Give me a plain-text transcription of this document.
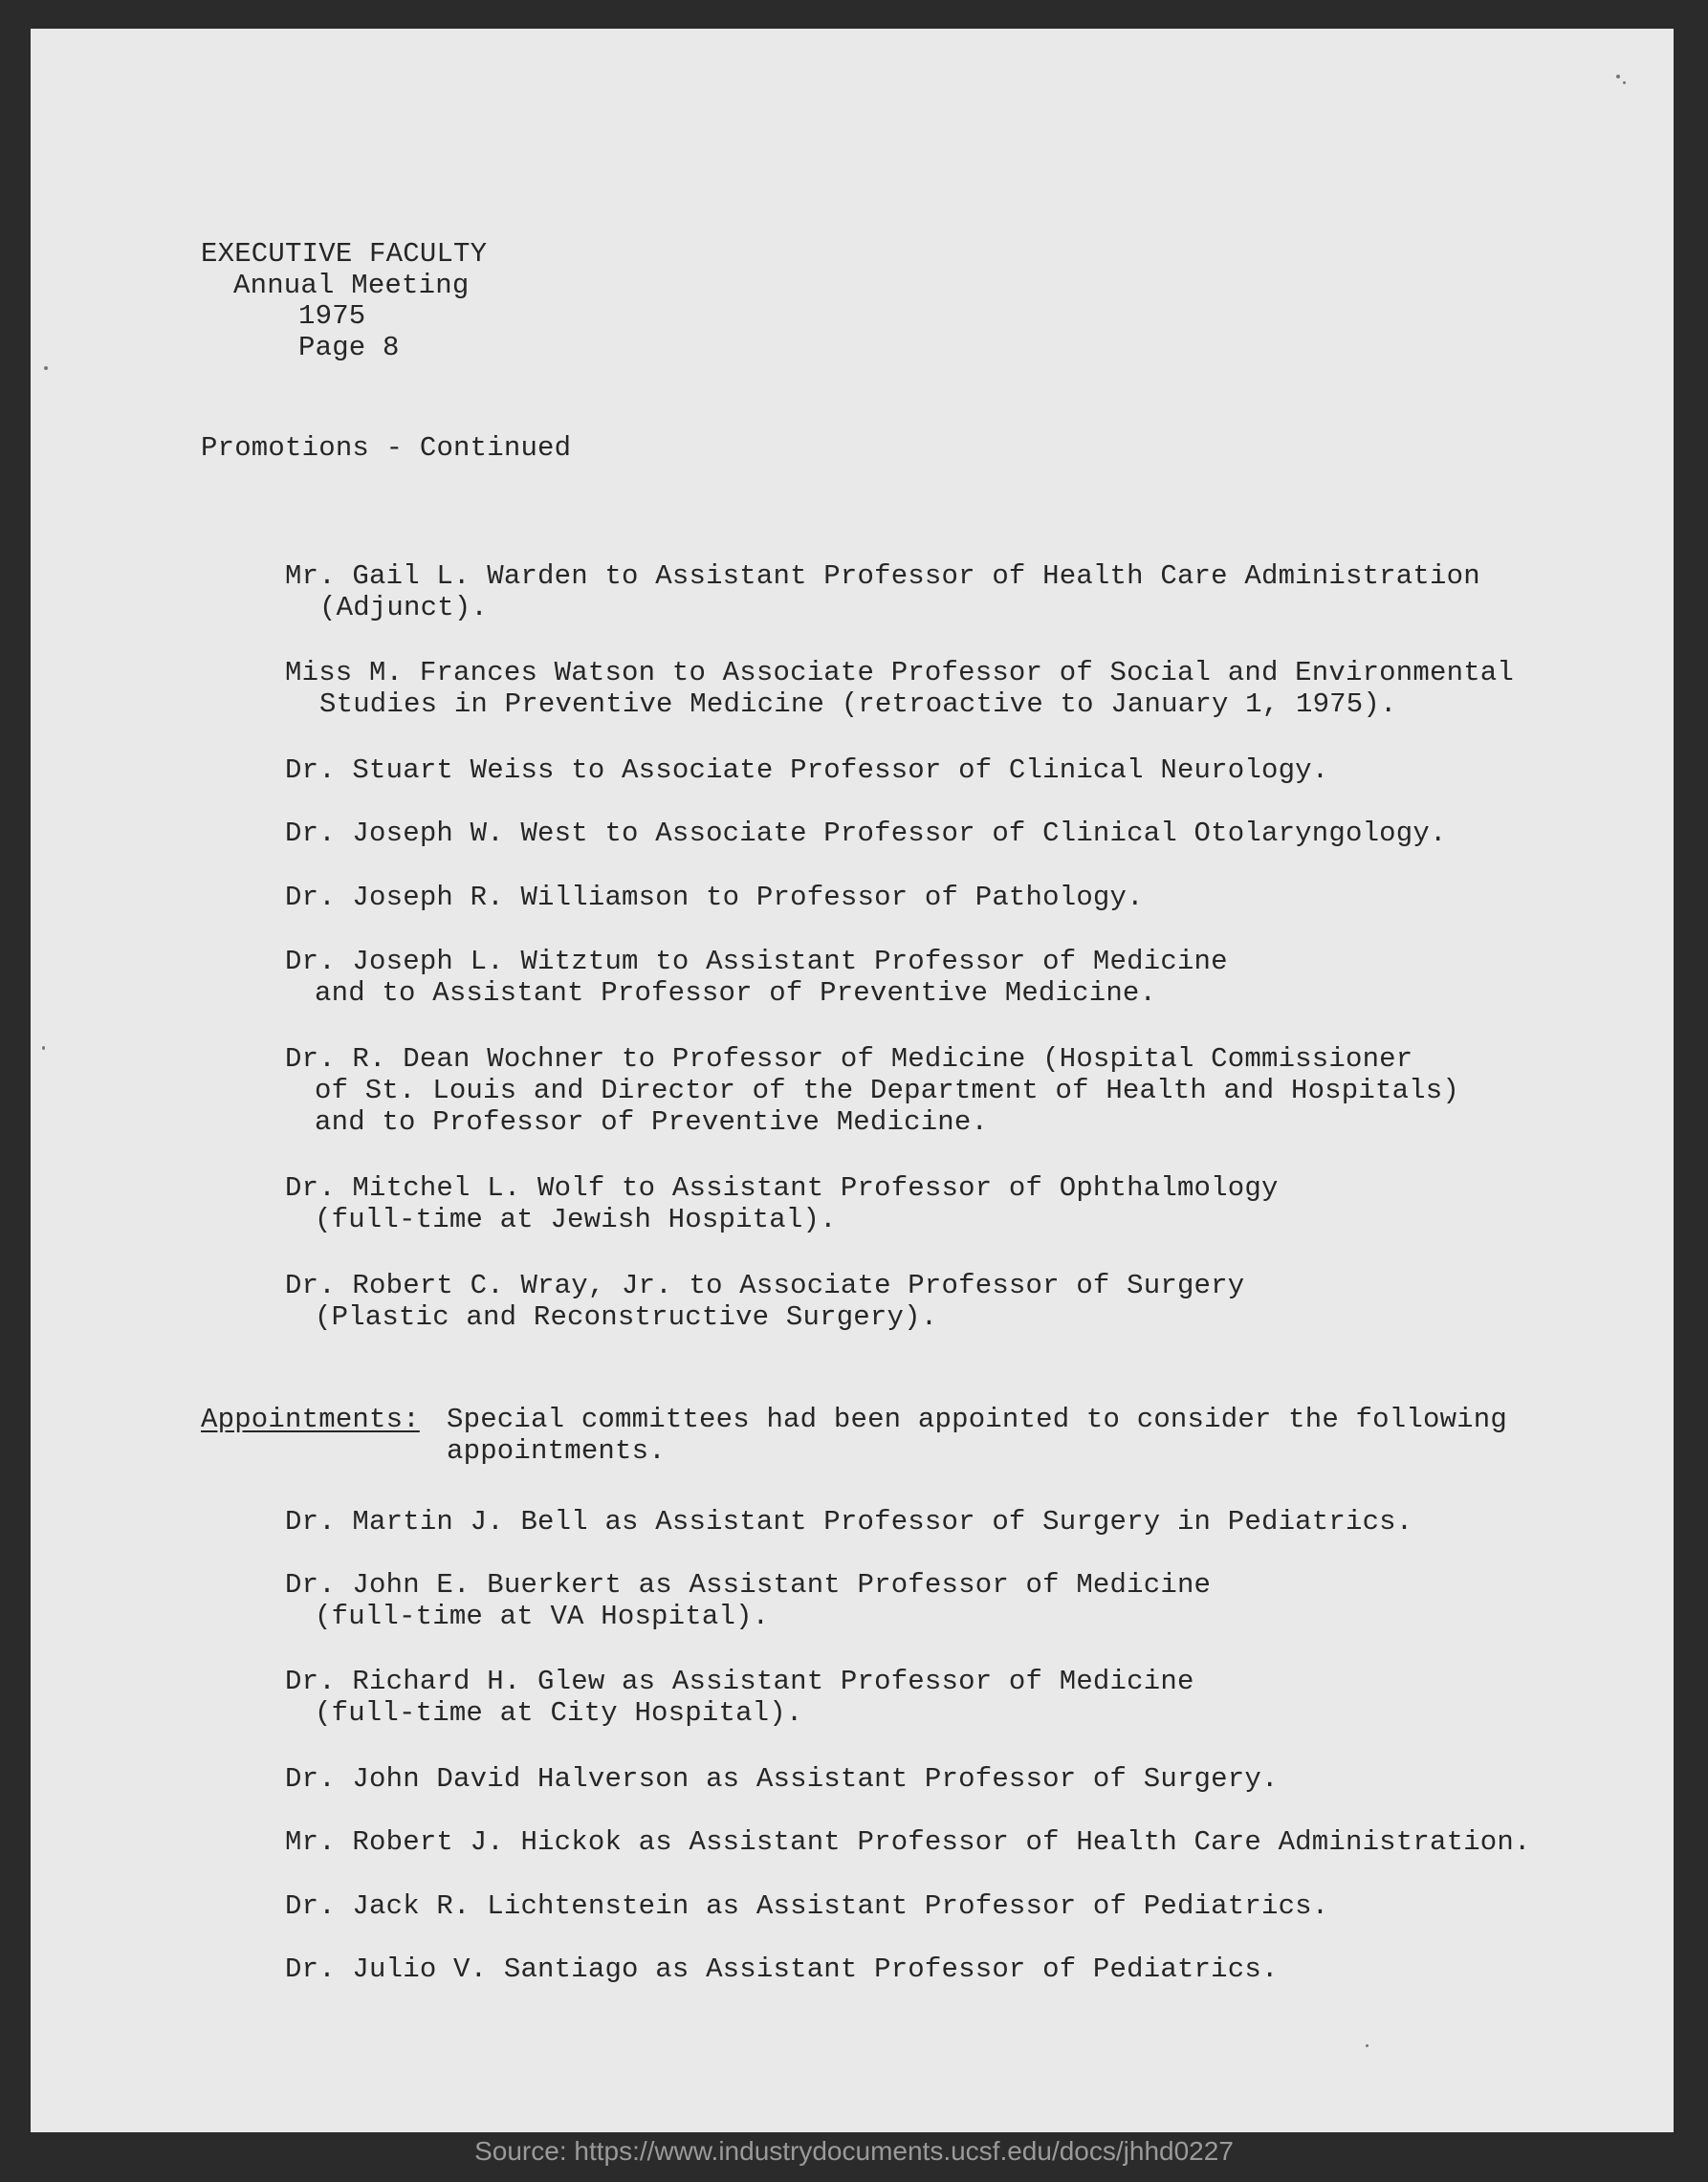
EXECUTIVE FACULTY
Annual Meeting
1975
Page 8
Promotions - Continued
Mr. Gail L. Warden to Assistant Professor of Health Care Administration
(Adjunct).
Miss M. Frances Watson to Associate Professor of Social and Environmental
Studies in Preventive Medicine (retroactive to January 1, 1975).
Dr. Stuart Weiss to Associate Professor of Clinical Neurology.
Dr. Joseph W. West to Associate Professor of Clinical Otolaryngology.
Dr. Joseph R. Williamson to Professor of Pathology.
Dr. Joseph L. Witztum to Assistant Professor of Medicine
and to Assistant Professor of Preventive Medicine.
Dr. R. Dean Wochner to Professor of Medicine (Hospital Commissioner
of St. Louis and Director of the Department of Health and Hospitals)
and to Professor of Preventive Medicine.
Dr. Mitchel L. Wolf to Assistant Professor of Ophthalmology
(full-time at Jewish Hospital).
Dr. Robert C. Wray, Jr. to Associate Professor of Surgery
(Plastic and Reconstructive Surgery).
Appointments: Special committees had been appointed to consider the following
appointments.
Dr. Martin J. Bell as Assistant Professor of Surgery in Pediatrics.
Dr. John E. Buerkert as Assistant Professor of Medicine
(full-time at VA Hospital).
Dr. Richard H. Glew as Assistant Professor of Medicine
(full-time at City Hospital).
Dr. John David Halverson as Assistant Professor of Surgery.
Mr. Robert J. Hickok as Assistant Professor of Health Care Administration.
Dr. Jack R. Lichtenstein as Assistant Professor of Pediatrics.
Dr. Julio V. Santiago as Assistant Professor of Pediatrics.
Source: https://www.industrydocuments.ucsf.edu/docs/jhhd0227
